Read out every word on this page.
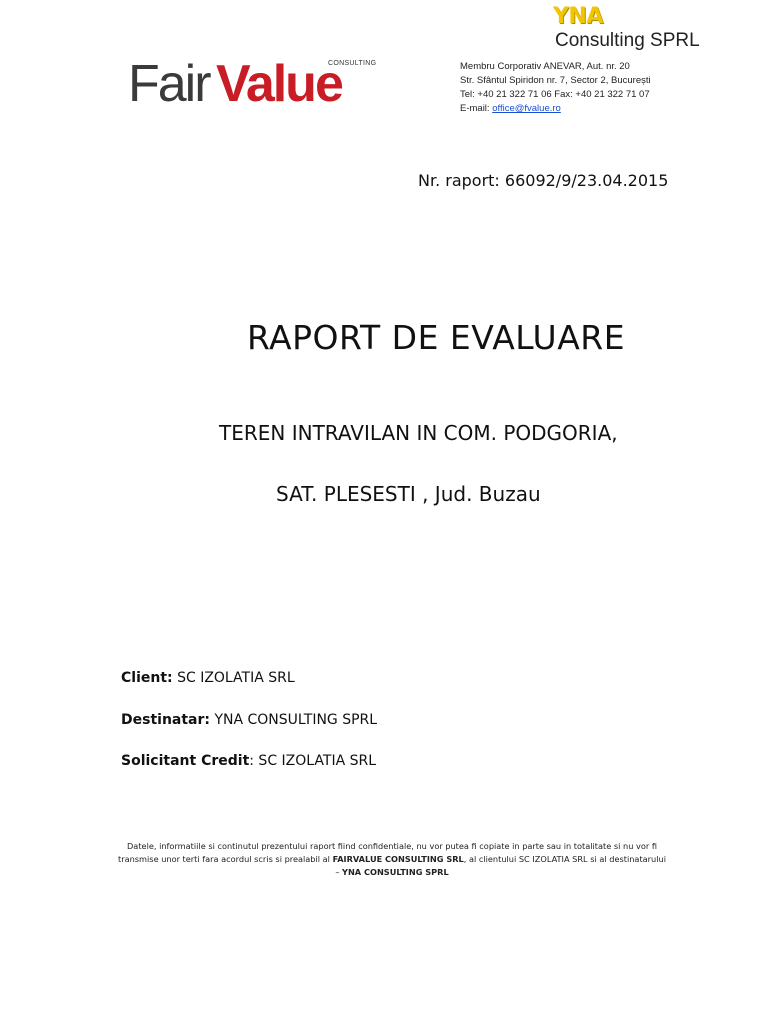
YNA
Consulting SPRL
Fair Value
CONSULTING	Membru Corporativ ANEVAR, Aut. nr. 20
Str. Sfântul Spiridon nr. 7, Sector 2, București
Tel: +40 21 322 71 06 Fax: +40 21 322 71 07
E-mail: office@fvalue.ro
Nr. raport: 66092/9/23.04.2015
RAPORT DE EVALUARE
TEREN INTRAVILAN IN COM. PODGORIA,
SAT. PLESESTI , Jud. Buzau
Client: SC IZOLATIA SRL
Destinatar: YNA CONSULTING SPRL
Solicitant Credit: SC IZOLATIA SRL
Datele, informatiile si continutul prezentului raport fiind confidentiale, nu vor putea fi copiate in parte sau in totalitate si nu vor fi transmise unor terti fara acordul scris si prealabil al FAIRVALUE CONSULTING SRL, al clientului SC IZOLATIA SRL si al destinatarului – YNA CONSULTING SPRL
